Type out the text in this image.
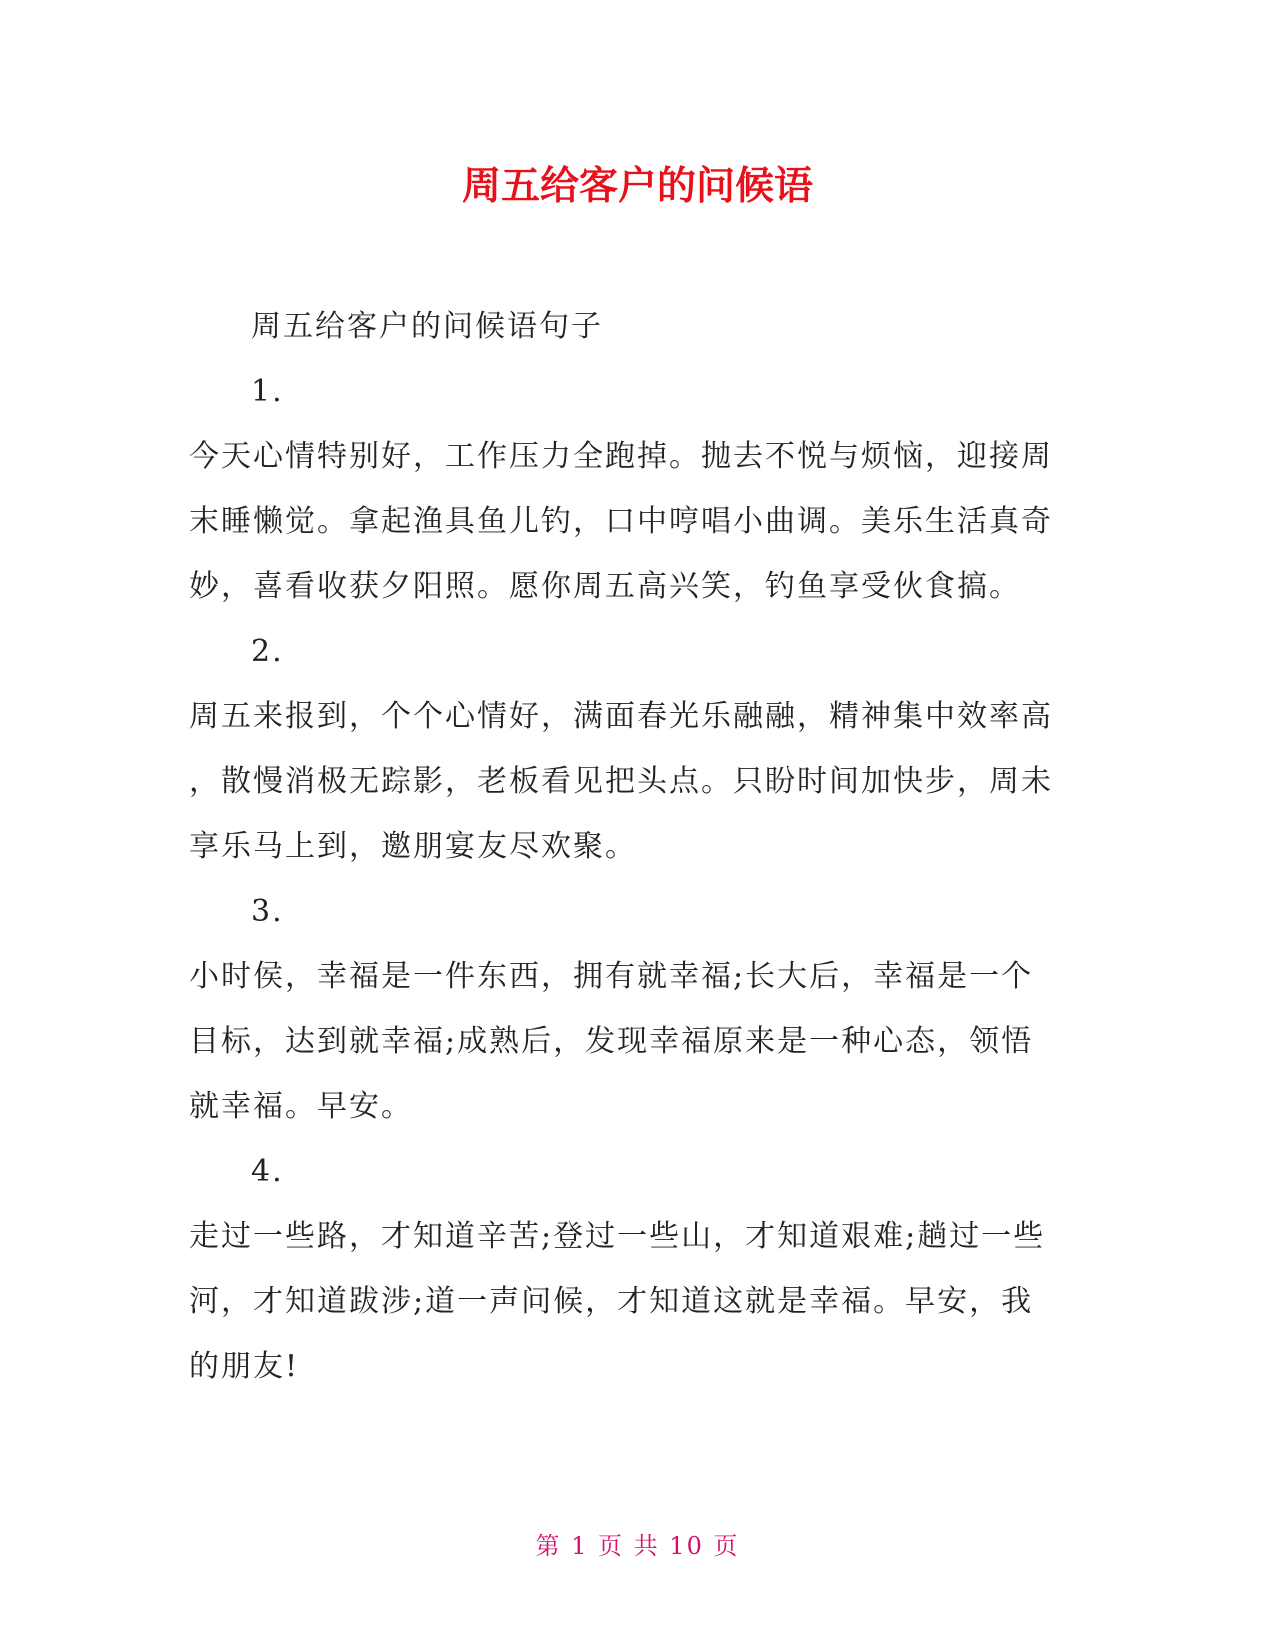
周五给客户的问候语

周五给客户的问候语句子

1.

今天心情特别好，工作压力全跑掉。抛去不悦与烦恼，迎接周

末睡懒觉。拿起渔具鱼儿钓，口中哼唱小曲调。美乐生活真奇

妙，喜看收获夕阳照。愿你周五高兴笑，钓鱼享受伙食搞。

2.

周五来报到，个个心情好，满面春光乐融融，精神集中效率高

，散慢消极无踪影，老板看见把头点。只盼时间加快步，周未

享乐马上到，邀朋宴友尽欢聚。

3.

小时侯，幸福是一件东西，拥有就幸福;长大后，幸福是一个

目标，达到就幸福;成熟后，发现幸福原来是一种心态，领悟

就幸福。早安。

4.

走过一些路，才知道辛苦;登过一些山，才知道艰难;趟过一些

河，才知道跋涉;道一声问候，才知道这就是幸福。早安，我

的朋友!

第 1 页 共 10 页
